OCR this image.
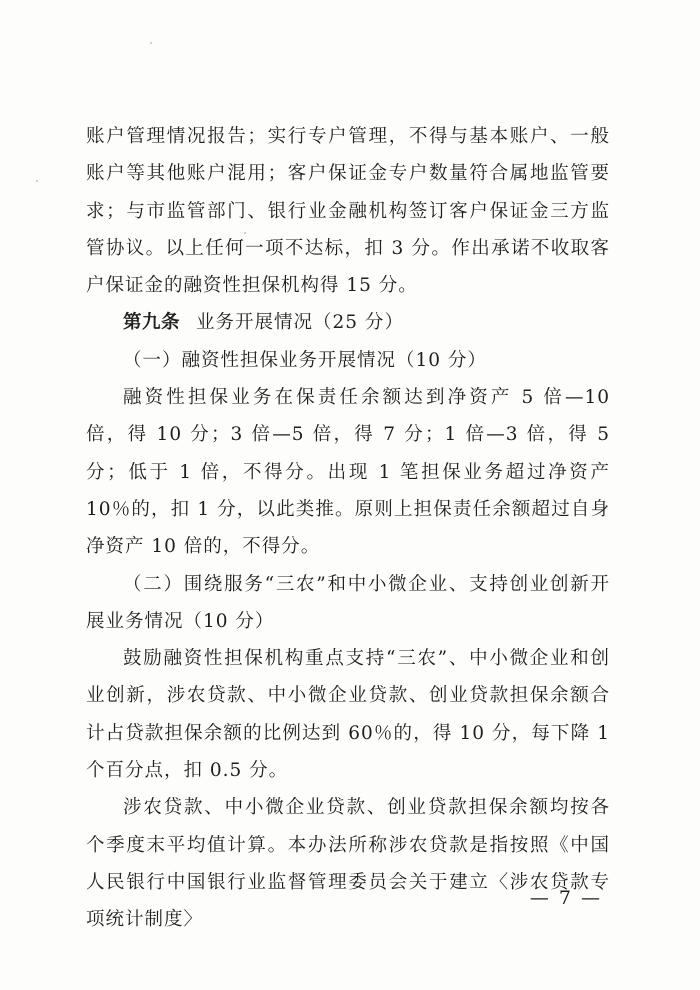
账户管理情况报告；实行专户管理，不得与基本账户、一般账户等其他账户混用；客户保证金专户数量符合属地监管要求；与市监管部门、银行业金融机构签订客户保证金三方监管协议。以上任何一项不达标，扣 3 分。作出承诺不收取客户保证金的融资性担保机构得 15 分。

第九条 业务开展情况（25 分）

（一）融资性担保业务开展情况（10 分）

融资性担保业务在保责任余额达到净资产 5 倍—10 倍，得 10 分；3 倍—5 倍，得 7 分；1 倍—3 倍，得 5 分；低于 1 倍，不得分。出现 1 笔担保业务超过净资产 10％的，扣 1 分，以此类推。原则上担保责任余额超过自身净资产 10 倍的，不得分。

（二）围绕服务“三农”和中小微企业、支持创业创新开展业务情况（10 分）

鼓励融资性担保机构重点支持“三农”、中小微企业和创业创新，涉农贷款、中小微企业贷款、创业贷款担保余额合计占贷款担保余额的比例达到 60％的，得 10 分，每下降 1 个百分点，扣 0.5 分。

涉农贷款、中小微企业贷款、创业贷款担保余额均按各个季度末平均值计算。本办法所称涉农贷款是指按照《中国人民银行中国银行业监督管理委员会关于建立〈涉农贷款专项统计制度〉

— 7 —
